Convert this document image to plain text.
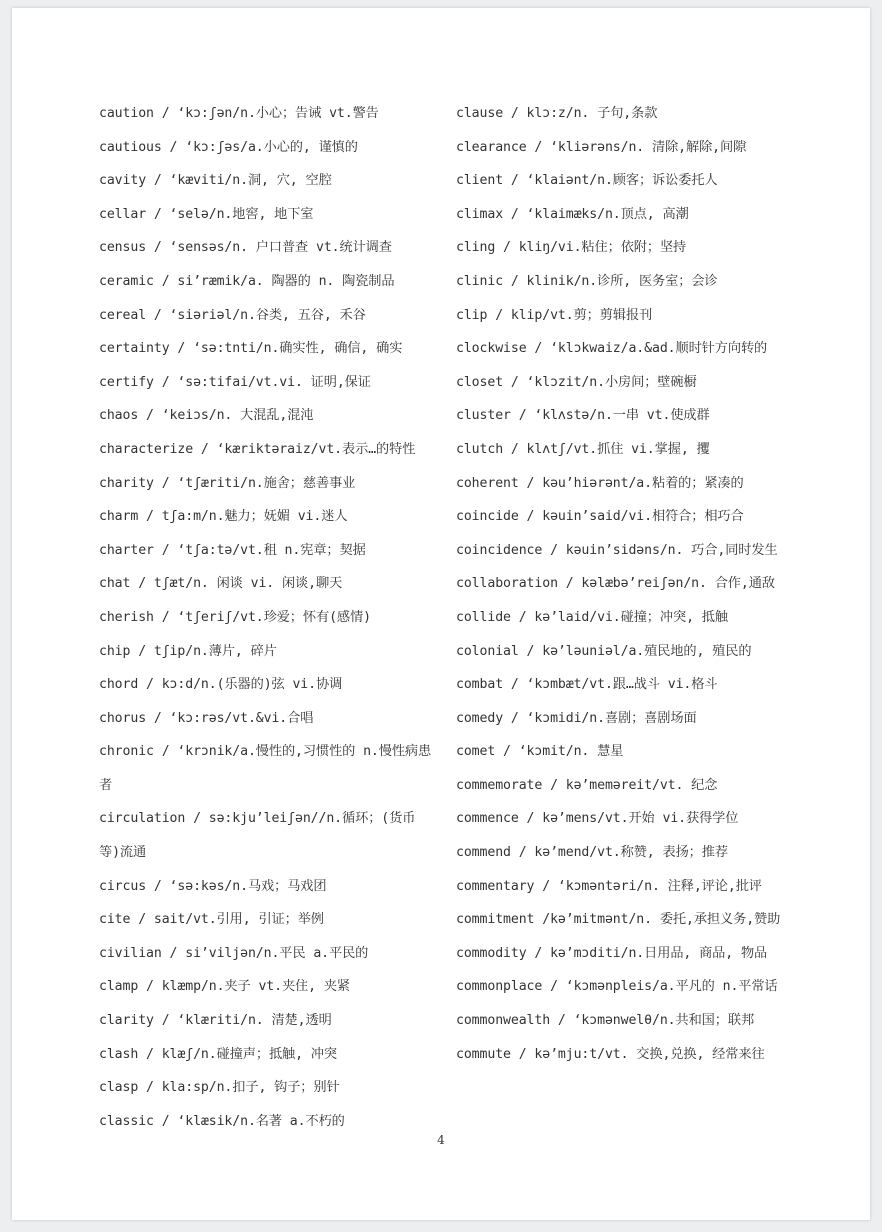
caution / ‘kɔ:ʃən/n.小心；告诫 vt.警告
cautious / ‘kɔ:ʃəs/a.小心的, 谨慎的
cavity / ‘kæviti/n.洞, 穴, 空腔
cellar / ‘selə/n.地窖, 地下室
census / ‘sensəs/n. 户口普查 vt.统计调查
ceramic / si’ræmik/a. 陶器的 n. 陶瓷制品
cereal / ‘siəriəl/n.谷类, 五谷, 禾谷
certainty / ‘sə:tnti/n.确实性, 确信, 确实
certify / ‘sə:tifai/vt.vi. 证明,保证
chaos / ‘keiɔs/n. 大混乱,混沌
characterize / ‘kæriktəraiz/vt.表示…的特性
charity / ‘tʃæriti/n.施舍；慈善事业
charm / tʃa:m/n.魅力；妩媚 vi.迷人
charter / ‘tʃa:tə/vt.租 n.宪章；契据
chat / tʃæt/n. 闲谈 vi. 闲谈,聊天
cherish / ‘tʃeriʃ/vt.珍爱；怀有(感情)
chip / tʃip/n.薄片, 碎片
chord / kɔ:d/n.(乐器的)弦 vi.协调
chorus / ‘kɔ:rəs/vt.&vi.合唱
chronic / ‘krɔnik/a.慢性的,习惯性的 n.慢性病患者
circulation / sə:kju’leiʃən//n.循环；(货币等)流通
circus / ‘sə:kəs/n.马戏；马戏团
cite / sait/vt.引用, 引证；举例
civilian / si’viljən/n.平民 a.平民的
clamp / klæmp/n.夹子 vt.夹住, 夹紧
clarity / ‘klæriti/n. 清楚,透明
clash / klæʃ/n.碰撞声；抵触, 冲突
clasp / kla:sp/n.扣子, 钩子；别针
classic / ‘klæsik/n.名著 a.不朽的
clause / klɔ:z/n. 子句,条款
clearance / ‘kliərəns/n. 清除,解除,间隙
client / ‘klaiənt/n.顾客；诉讼委托人
climax / ‘klaimæks/n.顶点, 高潮
cling / kliŋ/vi.粘住；依附；坚持
clinic / klinik/n.诊所, 医务室；会诊
clip / klip/vt.剪；剪辑报刊
clockwise / ‘klɔkwaiz/a.&ad.顺时针方向转的
closet / ‘klɔzit/n.小房间；壁碗橱
cluster / ‘klʌstə/n.一串 vt.使成群
clutch / klʌtʃ/vt.抓住 vi.掌握, 攫
coherent / kəu’hiərənt/a.粘着的；紧凑的
coincide / kəuin’said/vi.相符合；相巧合
coincidence / kəuin’sidəns/n. 巧合,同时发生
collaboration / kəlæbə’reiʃən/n. 合作,通敌
collide / kə’laid/vi.碰撞；冲突, 抵触
colonial / kə’ləuniəl/a.殖民地的, 殖民的
combat / ‘kɔmbæt/vt.跟…战斗 vi.格斗
comedy / ‘kɔmidi/n.喜剧；喜剧场面
comet / ‘kɔmit/n. 慧星
commemorate / kə’meməreit/vt. 纪念
commence / kə’mens/vt.开始 vi.获得学位
commend / kə’mend/vt.称赞, 表扬；推荐
commentary / ‘kɔməntəri/n. 注释,评论,批评
commitment /kə’mitmənt/n. 委托,承担义务,赞助
commodity / kə’mɔditi/n.日用品, 商品, 物品
commonplace / ‘kɔmənpleis/a.平凡的 n.平常话
commonwealth / ‘kɔmənwelθ/n.共和国；联邦
commute / kə’mju:t/vt. 交换,兑换, 经常来往
4
